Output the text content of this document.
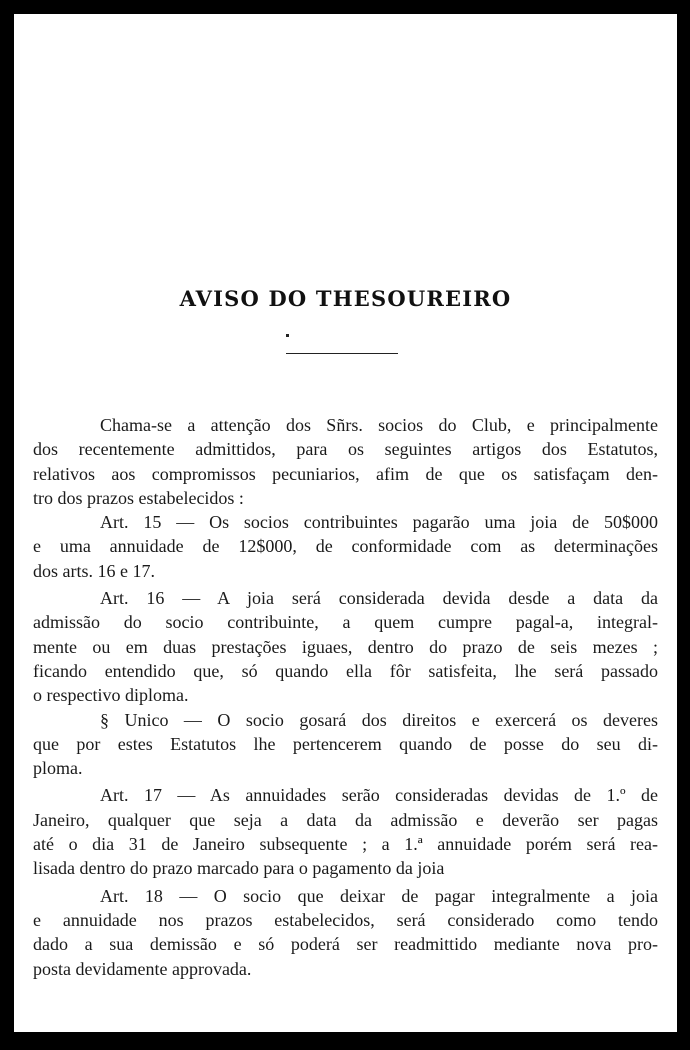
AVISO DO THESOUREIRO
Chama-se a attenção dos Sñrs. socios do Club, e principalmente
dos recentemente admittidos, para os seguintes artigos dos Estatutos,
relativos aos compromissos pecuniarios, afim de que os satisfaçam den-
tro dos prazos estabelecidos :
Art. 15 — Os socios contribuintes pagarão uma joia de 50$000
e uma annuidade de 12$000, de conformidade com as determinações
dos arts. 16 e 17.
Art. 16 — A joia será considerada devida desde a data da
admissão do socio contribuinte, a quem cumpre pagal-a, integral-
mente ou em duas prestações iguaes, dentro do prazo de seis mezes ;
ficando entendido que, só quando ella fôr satisfeita, lhe será passado
o respectivo diploma.
§ Unico — O socio gosará dos direitos e exercerá os deveres
que por estes Estatutos lhe pertencerem quando de posse do seu di-
ploma.
Art. 17 — As annuidades serão consideradas devidas de 1.º de
Janeiro, qualquer que seja a data da admissão e deverão ser pagas
até o dia 31 de Janeiro subsequente ; a 1.ª annuidade porém será rea-
lisada dentro do prazo marcado para o pagamento da joia
Art. 18 — O socio que deixar de pagar integralmente a joia
e annuidade nos prazos estabelecidos, será considerado como tendo
dado a sua demissão e só poderá ser readmittido mediante nova pro-
posta devidamente approvada.
